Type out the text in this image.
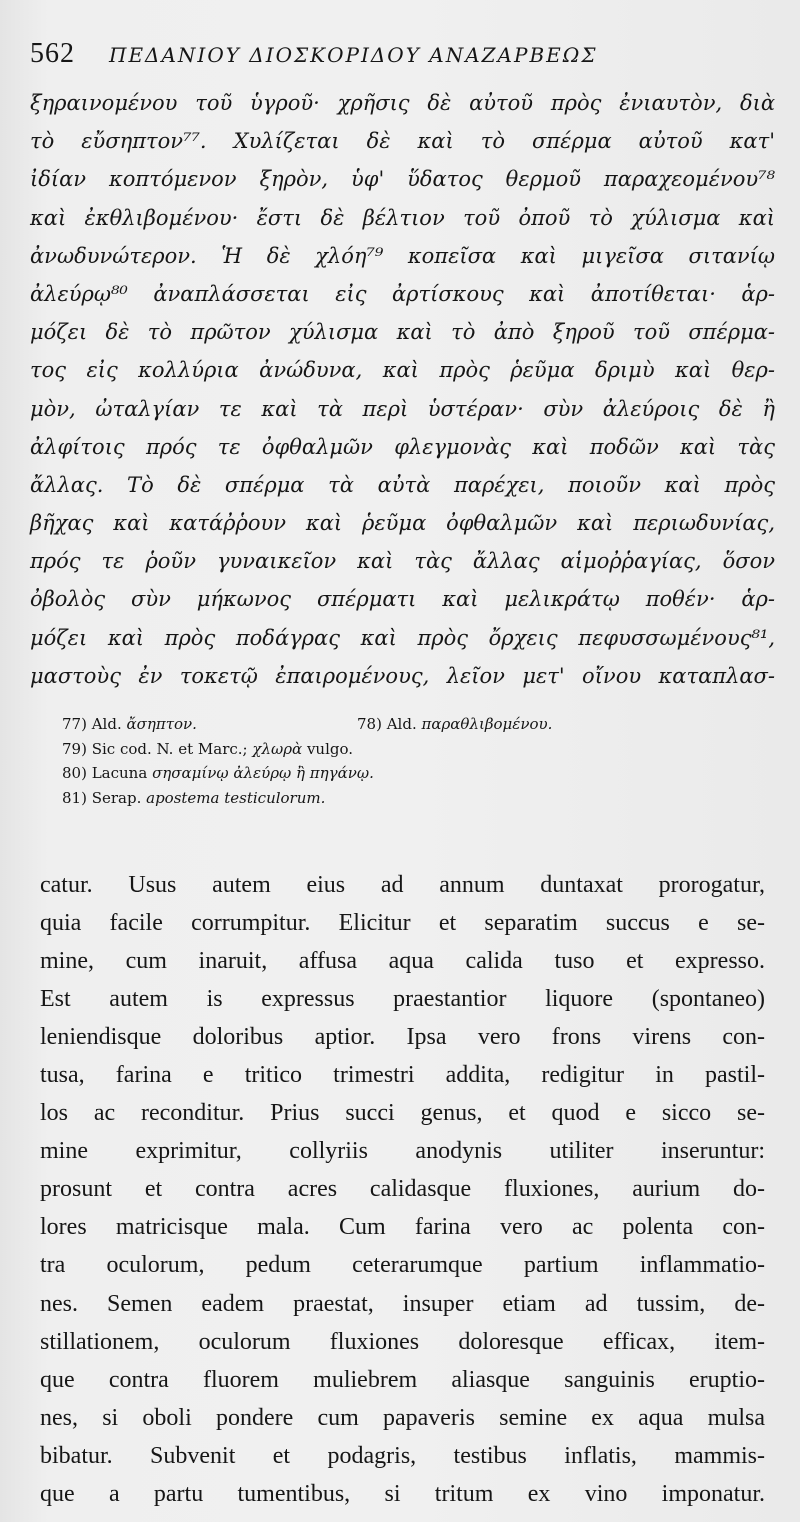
562 ΠΕΔΑΝΙΟΥ ΔΙΟΣΚΟΡΙΔΟΥ ΑΝΑΖΑΡΒΕΩΣ
ξηραινομένου τοῦ ὑγροῦ· χρῆσις δὲ αὐτοῦ πρὸς ἐνιαυτὸν, διὰ
τὸ εὔσηπτον⁷⁷. Χυλίζεται δὲ καὶ τὸ σπέρμα αὐτοῦ κατ'
ἰδίαν κοπτόμενον ξηρὸν, ὑφ' ὕδατος θερμοῦ παραχεομένου⁷⁸
καὶ ἐκθλιβομένου· ἔστι δὲ βέλτιον τοῦ ὀποῦ τὸ χύλισμα καὶ
ἀνωδυνώτερον. Ἡ δὲ χλόη⁷⁹ κοπεῖσα καὶ μιγεῖσα σιτανίῳ
ἀλεύρῳ⁸⁰ ἀναπλάσσεται εἰς ἀρτίσκους καὶ ἀποτίθεται· ἁρ-
μόζει δὲ τὸ πρῶτον χύλισμα καὶ τὸ ἀπὸ ξηροῦ τοῦ σπέρμα-
τος εἰς κολλύρια ἀνώδυνα, καὶ πρὸς ῥεῦμα δριμὺ καὶ θερ-
μὸν, ὠταλγίαν τε καὶ τὰ περὶ ὑστέραν· σὺν ἀλεύροις δὲ ἢ
ἀλφίτοις πρός τε ὀφθαλμῶν φλεγμονὰς καὶ ποδῶν καὶ τὰς
ἄλλας. Τὸ δὲ σπέρμα τὰ αὐτὰ παρέχει, ποιοῦν καὶ πρὸς
βῆχας καὶ κατάῤῥουν καὶ ῥεῦμα ὀφθαλμῶν καὶ περιωδυνίας,
πρός τε ῥοῦν γυναικεῖον καὶ τὰς ἄλλας αἱμοῤῥαγίας, ὅσον
ὀβολὸς σὺν μήκωνος σπέρματι καὶ μελικράτῳ ποθέν· ἁρ-
μόζει καὶ πρὸς ποδάγρας καὶ πρὸς ὄρχεις πεφυσσωμένους⁸¹,
μαστοὺς ἐν τοκετῷ ἐπαιρομένους, λεῖον μετ' οἴνου καταπλασ-
77) Ald. ἄσηπτον.	78) Ald. παραθλιβομένου.
79) Sic cod. N. et Marc.;
χλωρὰ
vulgo.
80) Lacuna
σησαμίνῳ ἀλεύρῳ ἢ πηγάνῳ.
81) Serap.
apostema testiculorum.
catur. Usus autem eius ad annum duntaxat prorogatur,
quia facile corrumpitur. Elicitur et separatim succus e se-
mine, cum inaruit, affusa aqua calida tuso et expresso.
Est autem is expressus praestantior liquore (spontaneo)
leniendisque doloribus aptior. Ipsa vero frons virens con-
tusa, farina e tritico trimestri addita, redigitur in pastil-
los ac reconditur. Prius succi genus, et quod e sicco se-
mine exprimitur, collyriis anodynis utiliter inseruntur:
prosunt et contra acres calidasque fluxiones, aurium do-
lores matricisque mala. Cum farina vero ac polenta con-
tra oculorum, pedum ceterarumque partium inflammatio-
nes. Semen eadem praestat, insuper etiam ad tussim, de-
stillationem, oculorum fluxiones doloresque efficax, item-
que contra fluorem muliebrem aliasque sanguinis eruptio-
nes, si oboli pondere cum papaveris semine ex aqua mulsa
bibatur. Subvenit et podagris, testibus inflatis, mammis-
que a partu tumentibus, si tritum ex vino imponatur.
